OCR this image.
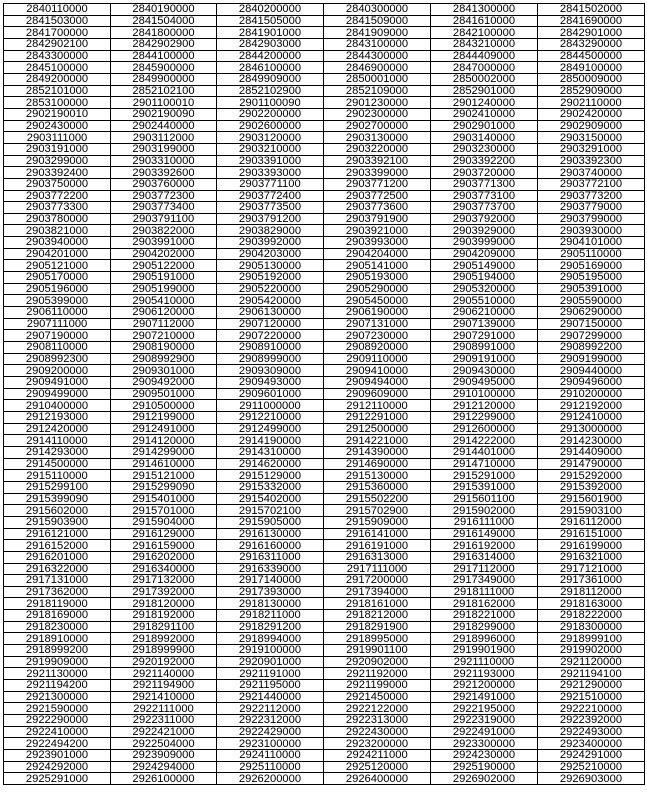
2840110000	2840190000	2840200000	2840300000	2841300000	2841502000
2841503000	2841504000	2841505000	2841509000	2841610000	2841690000
2841700000	2841800000	2841901000	2841909000	2842100000	2842901000
2842902100	2842902900	2842903000	2843100000	2843210000	2843290000
2843300000	2844100000	2844200000	2844300000	2844409000	2844500000
2845100000	2845900000	2846100000	2846900000	2847000000	2849100000
2849200000	2849900000	2849909000	2850001000	2850002000	2850009000
2852101000	2852102100	2852102900	2852109000	2852901000	2852909000
2853100000	2901100010	2901100090	2901230000	2901240000	2902110000
2902190010	2902190090	2902200000	2902300000	2902410000	2902420000
2902430000	2902440000	2902600000	2902700000	2902901000	2902909000
2903111000	2903112000	2903120000	2903130000	2903140000	2903150000
2903191000	2903199000	2903210000	2903220000	2903230000	2903291000
2903299000	2903310000	2903391000	2903392100	2903392200	2903392300
2903392400	2903392600	2903393000	2903399000	2903720000	2903740000
2903750000	2903760000	2903771100	2903771200	2903771300	2903772100
2903772200	2903772300	2903772400	2903772500	2903773100	2903773200
2903773300	2903773400	2903773500	2903773600	2903773700	2903779000
2903780000	2903791100	2903791200	2903791900	2903792000	2903799000
2903821000	2903822000	2903829000	2903921000	2903929000	2903930000
2903940000	2903991000	2903992000	2903993000	2903999000	2904101000
2904201000	2904202000	2904203000	2904204000	2904209000	2905110000
2905121000	2905122000	2905130000	2905141000	2905149000	2905169000
2905170000	2905191000	2905192000	2905193000	2905194000	2905195000
2905196000	2905199000	2905220000	2905290000	2905320000	2905391000
2905399000	2905410000	2905420000	2905450000	2905510000	2905590000
2906110000	2906120000	2906130000	2906190000	2906210000	2906290000
2907111000	2907112000	2907120000	2907131000	2907139000	2907150000
2907190000	2907210000	2907220000	2907230000	2907291000	2907299000
2908110000	2908190000	2908910000	2908920000	2908991000	2908992200
2908992300	2908992900	2908999000	2909110000	2909191000	2909199000
2909200000	2909301000	2909309000	2909410000	2909430000	2909440000
2909491000	2909492000	2909493000	2909494000	2909495000	2909496000
2909499000	2909501000	2909601000	2909609000	2910100000	2910200000
2910400000	2910500000	2911000000	2912110000	2912120000	2912192000
2912193000	2912199000	2912210000	2912291000	2912299000	2912410000
2912420000	2912491000	2912499000	2912500000	2912600000	2913000000
2914110000	2914120000	2914190000	2914221000	2914222000	2914230000
2914293000	2914299000	2914310000	2914390000	2914401000	2914409000
2914500000	2914610000	2914620000	2914690000	2914710000	2914790000
2915110000	2915121000	2915129000	2915130000	2915291000	2915292000
2915299100	2915299090	2915332000	2915360000	2915391000	2915392000
2915399090	2915401000	2915402000	2915502200	2915601100	2915601900
2915602000	2915701000	2915702100	2915702900	2915902000	2915903100
2915903900	2915904000	2915905000	2915909000	2916111000	2916112000
2916121000	2916129000	2916130000	2916141000	2916149000	2916151000
2916152000	2916159000	2916160000	2916191000	2916192000	2916199000
2916201000	2916202000	2916311000	2916313000	2916314000	2916321000
2916322000	2916340000	2916339000	2917111000	2917112000	2917121000
2917131000	2917132000	2917140000	2917200000	2917349000	2917361000
2917362000	2917392000	2917393000	2917394000	2918111000	2918112000
2918119000	2918120000	2918130000	2918161000	2918162000	2918163000
2918169000	2918192000	2918211000	2918212000	2918221000	2918222000
2918230000	2918291100	2918291200	2918291900	2918299000	2918300000
2918910000	2918992000	2918994000	2918995000	2918996000	2918999100
2918999200	2918999900	2919100000	2919901100	2919901900	2919902000
2919909000	2920192000	2920901000	2920902000	2921110000	2921120000
2921130000	2921140000	2921191000	2921192000	2921193000	2921194100
2921194200	2921194900	2921195000	2921199000	2921200000	2921290000
2921300000	2921410000	2921440000	2921450000	2921491000	2921510000
2921590000	2922111000	2922112000	2922122000	2922195000	2922210000
2922290000	2922311000	2922312000	2922313000	2922319000	2922392000
2922410000	2922421000	2922429000	2922430000	2922491000	2922493000
2922494200	2922504000	2923100000	2923200000	2923300000	2923400000
2923901000	2923909000	2924110000	2924211000	2924230000	2924291000
2924292000	2924294000	2925110000	2925120000	2925190000	2925210000
2925291000	2926100000	2926200000	2926400000	2926902000	2926903000
